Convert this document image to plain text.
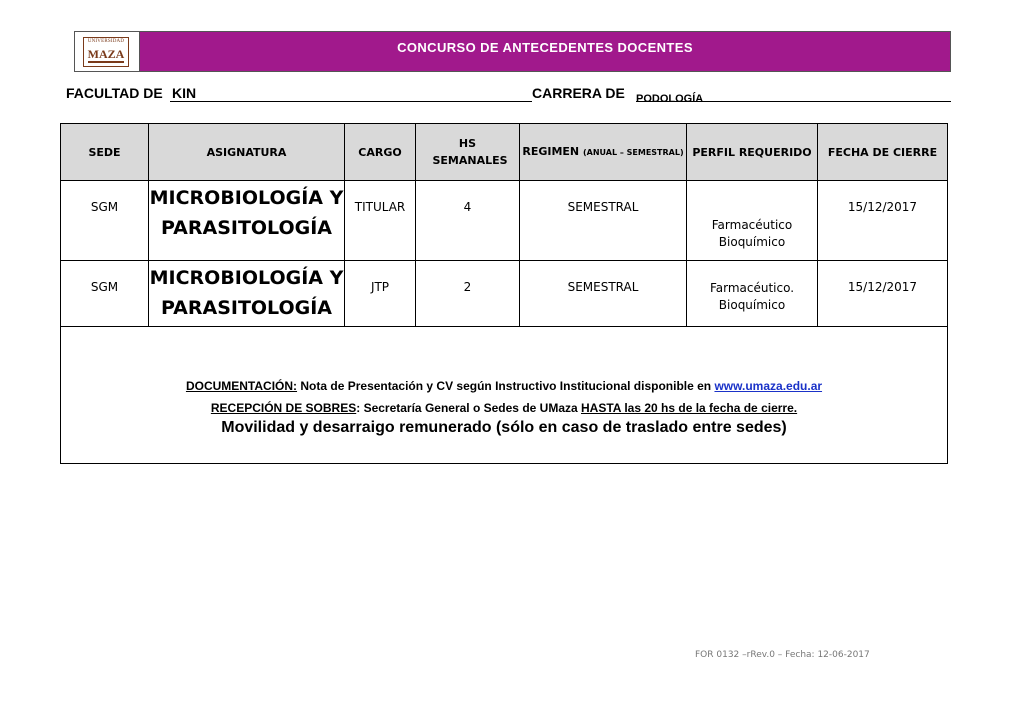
UNIVERSIDAD
MAZA	CONCURSO DE ANTECEDENTES DOCENTES
FACULTAD DE KIN	CARRERA DE $_{PODOLOGÍA}$
SEDE	ASIGNATURA	CARGO	HS SEMANALES	REGIMEN (ANUAL – SEMESTRAL)	PERFIL REQUERIDO	FECHA DE CIERRE
SGM	MICROBIOLOGÍA Y PARASITOLOGÍA	TITULAR	4	SEMESTRAL	Farmacéutico Bioquímico	15/12/2017
SGM	MICROBIOLOGÍA Y PARASITOLOGÍA	JTP	2	SEMESTRAL	Farmacéutico. Bioquímico	15/12/2017

DOCUMENTACIÓN: Nota de Presentación y CV según Instructivo Institucional disponible en www.umaza.edu.ar
RECEPCIÓN DE SOBRES: Secretaría General o Sedes de UMaza HASTA las 20 hs de la fecha de cierre.
Movilidad y desarraigo remunerado (sólo en caso de traslado entre sedes)						
FOR 0132 –rRev.0 – Fecha: 12-06-2017
